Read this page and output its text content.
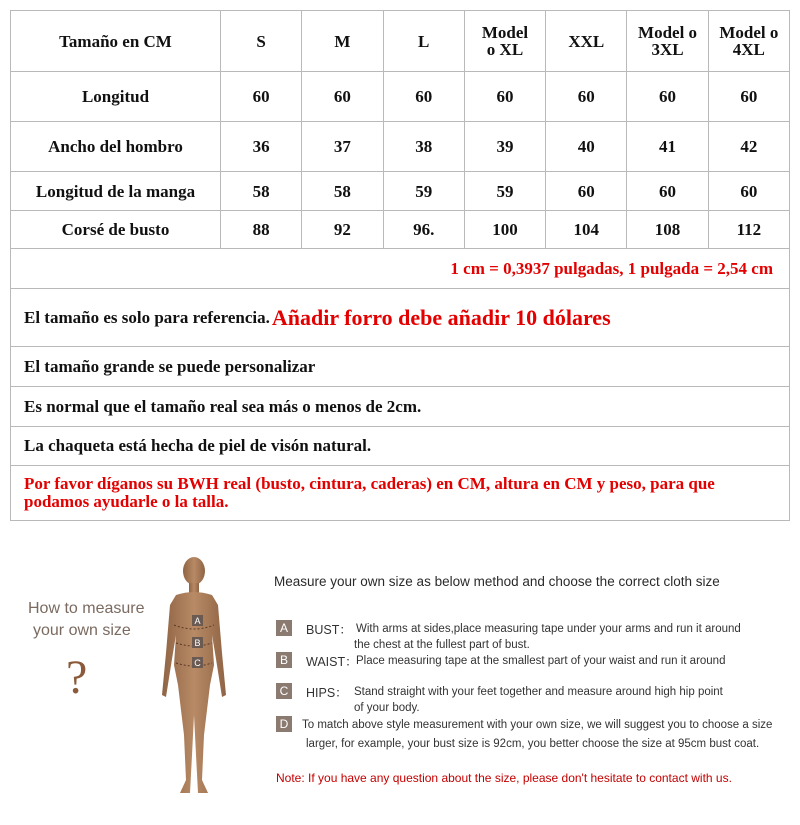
Tamaño en CM	S	M	L	Model o XL	XXL	Model o 3XL	Model o 4XL
Longitud	60	60	60	60	60	60	60
Ancho del hombro	36	37	38	39	40	41	42
Longitud de la manga	58	58	59	59	60	60	60
Corsé de busto	88	92	96.	100	104	108	112
1 cm = 0,3937 pulgadas, 1 pulgada = 2,54 cm
El tamaño es solo para referencia. Añadir forro debe añadir 10 dólares
El tamaño grande se puede personalizar
Es normal que el tamaño real sea más o menos de 2cm.
La chaqueta está hecha de piel de visón natural.
Por favor díganos su BWH real (busto, cintura, caderas) en CM, altura en CM y peso, para que podamos ayudarle o la talla.
How to measure
your own size
?
A
B
C
Measure your own size as below method and choose the correct cloth size
A	BUST： With arms at sides,place measuring tape under your arms and run it around
the chest at the fullest part of bust.
B	WAIST：
Place measuring tape at the smallest part of your waist and run it around
C HIPS： Stand straight with your feet together and measure around high hip point
of your body.
D	To match above style measurement with your own size, we will suggest you to choose a size
larger, for example, your bust size is 92cm, you better choose the size at 95cm bust coat.
Note: If you have any question about the size, please don't hesitate to contact with us.
